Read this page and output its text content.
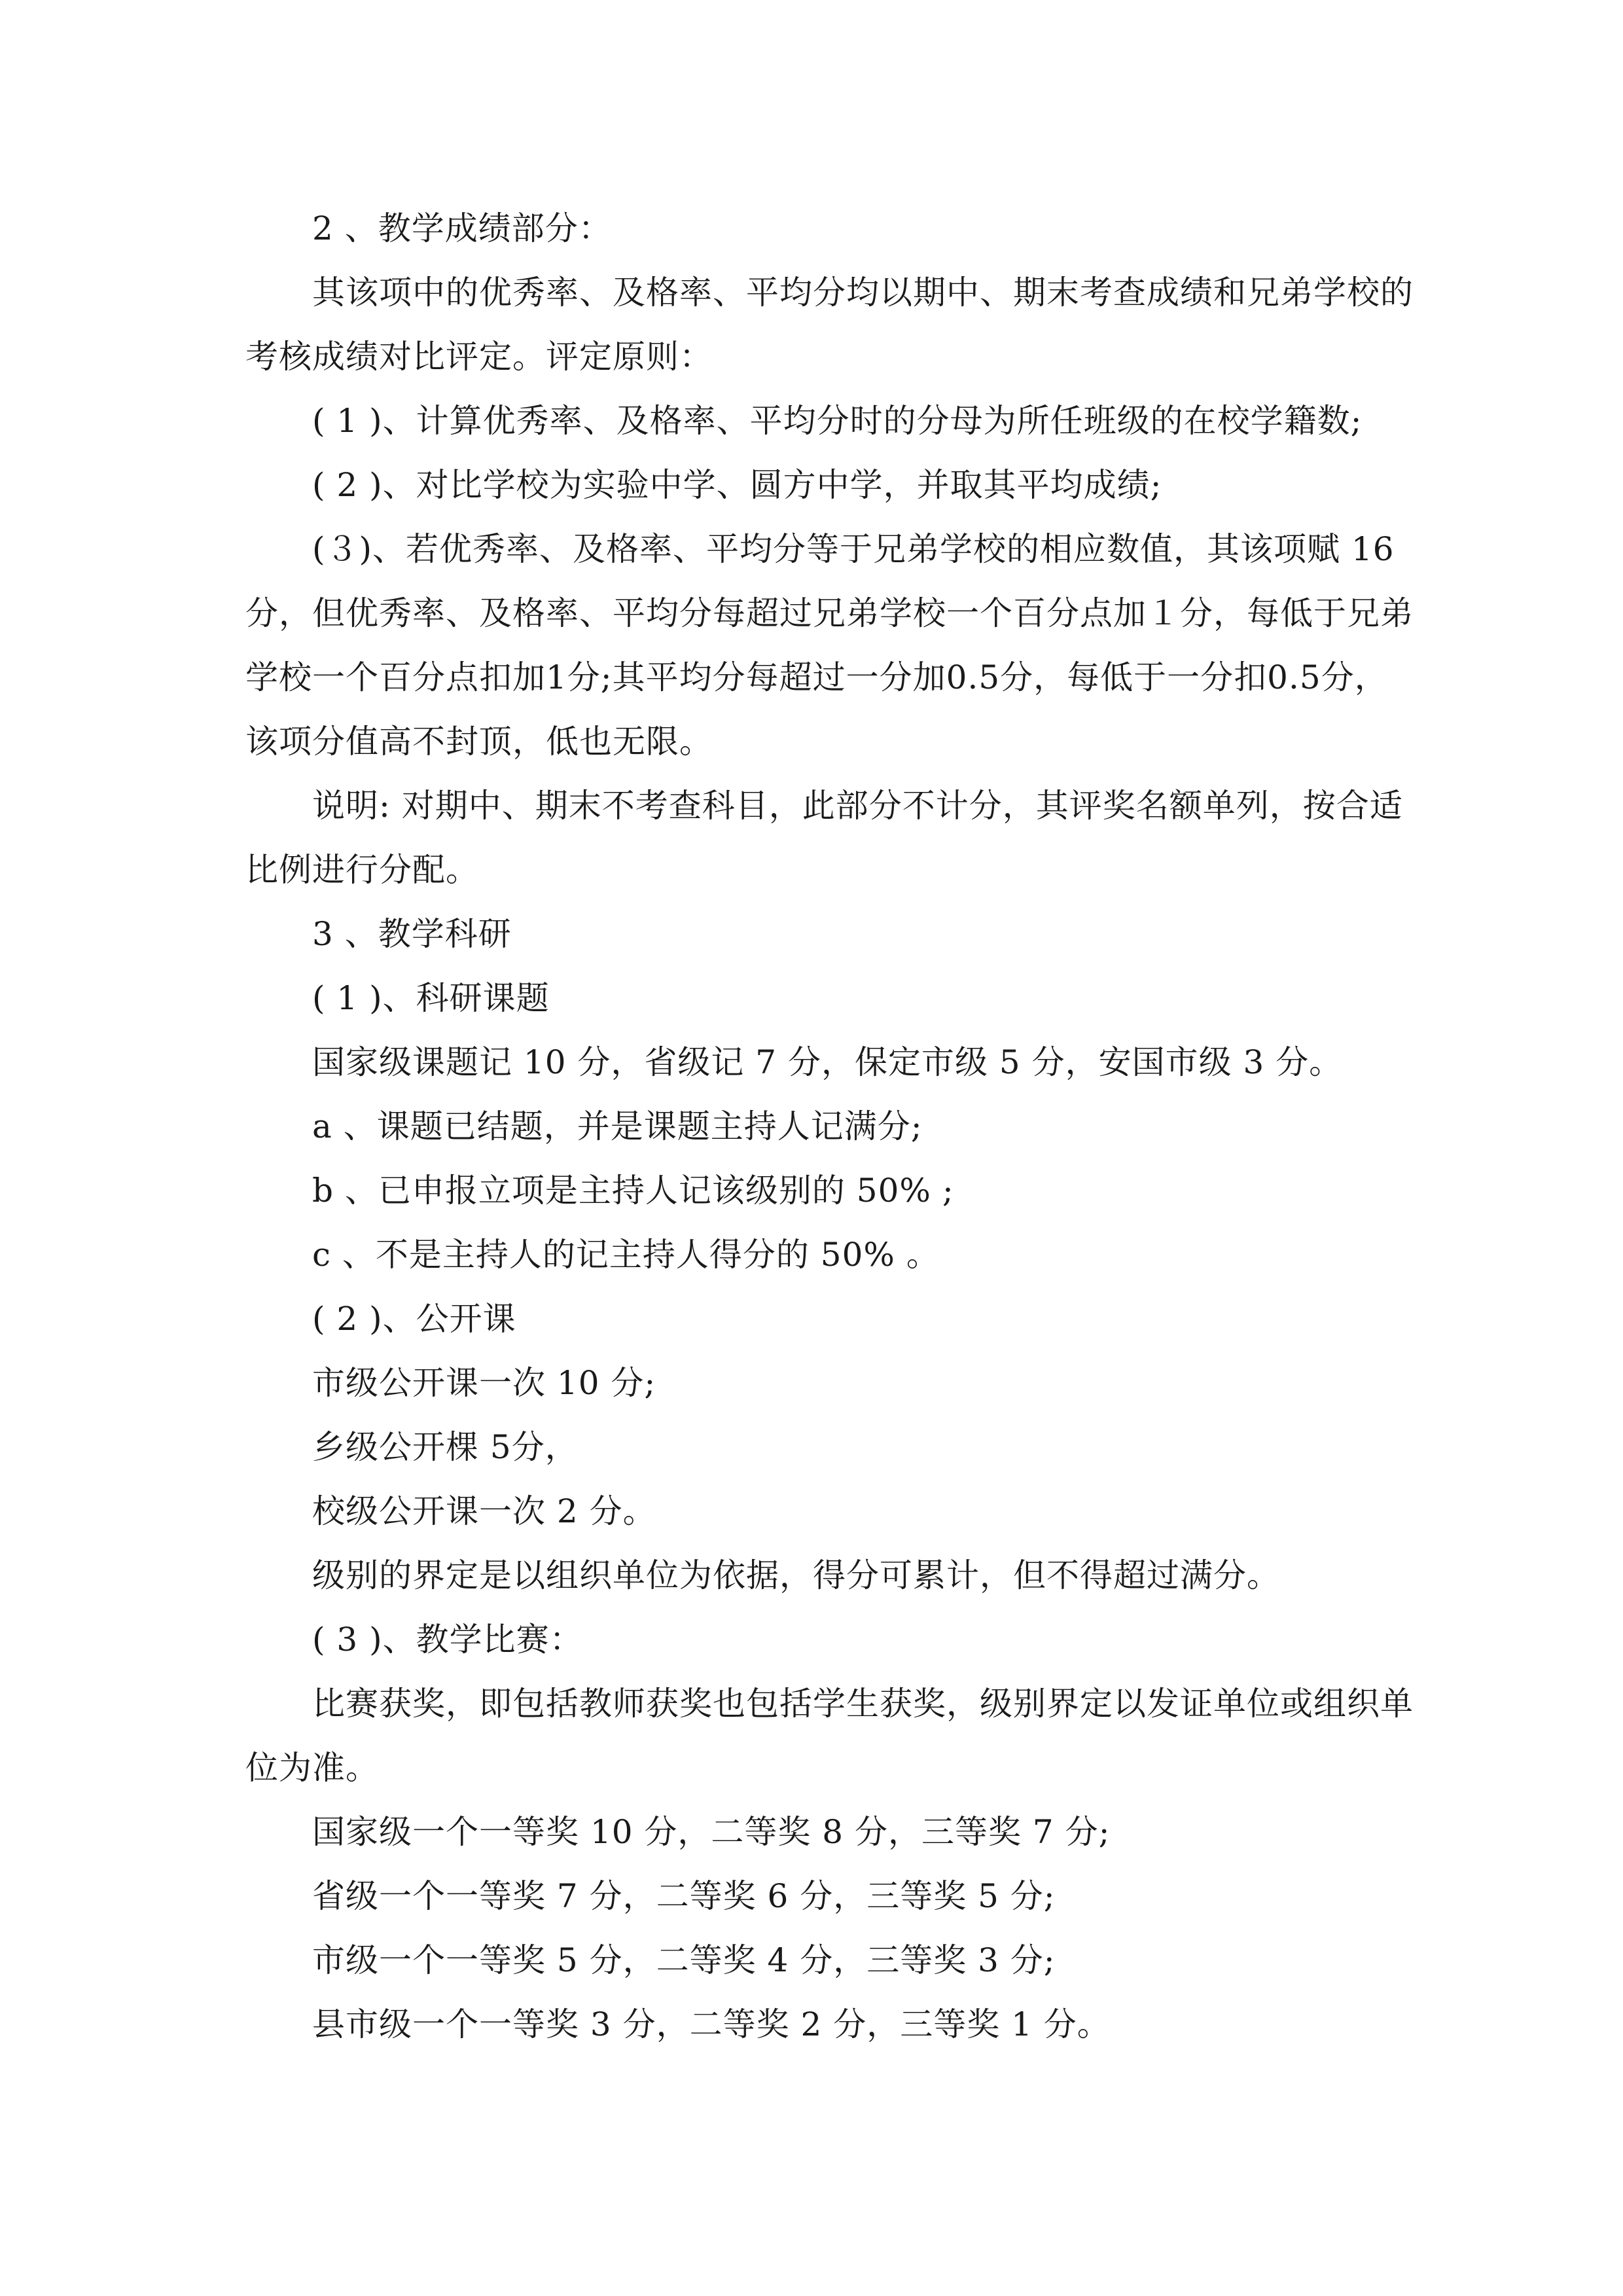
2 、教学成绩部分：

其该项中的优秀率、及格率、平均分均以期中、期末考查成绩和兄弟学校的

考核成绩对比评定。评定原则：

( 1 )、计算优秀率、及格率、平均分时的分母为所任班级的在校学籍数;

( 2 )、对比学校为实验中学、圆方中学，并取其平均成绩;

(３)、若优秀率、及格率、平均分等于兄弟学校的相应数值，其该项赋 16

分，但优秀率、及格率、平均分每超过兄弟学校一个百分点加１分，每低于兄弟

学校一个百分点扣加1分;其平均分每超过一分加0.5分，每低于一分扣0.5分，

该项分值高不封顶，低也无限。

说明: 对期中、期末不考查科目，此部分不计分，其评奖名额单列，按合适

比例进行分配。

3 、教学科研

( 1 )、科研课题

国家级课题记 10 分，省级记 7 分，保定市级 5 分，安国市级 3 分。

a 、课题已结题，并是课题主持人记满分;

b 、已申报立项是主持人记该级别的 50% ;

c 、不是主持人的记主持人得分的 50% 。

( 2 )、公开课

市级公开课一次 10 分;

乡级公开棵 5分，

校级公开课一次 2 分。

级别的界定是以组织单位为依据，得分可累计，但不得超过满分。

( 3 )、教学比赛：

比赛获奖，即包括教师获奖也包括学生获奖，级别界定以发证单位或组织单

位为准。

国家级一个一等奖 10 分，二等奖 8 分，三等奖 7 分;

省级一个一等奖 7 分，二等奖 6 分，三等奖 5 分;

市级一个一等奖 5 分，二等奖 4 分，三等奖 3 分;

县市级一个一等奖 3 分，二等奖 2 分，三等奖 1 分。
